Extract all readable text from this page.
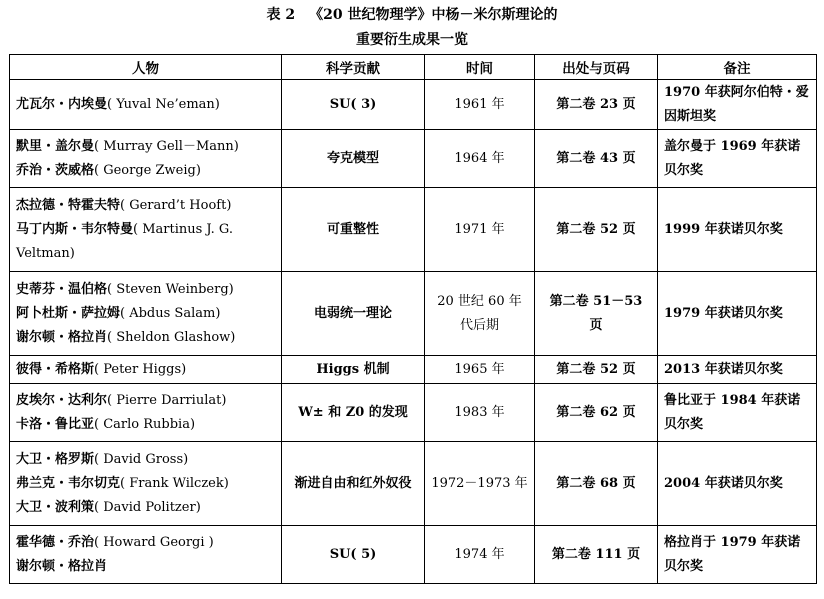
表 2 《20 世纪物理学》中杨－米尔斯理论的
重要衍生成果一览
人物	科学贡献	时间	出处与页码	备注

尤瓦尔・内埃曼( Yuval Ne’eman)	SU( 3)	1961 年	第二卷 23 页	1970 年获阿尔伯特・爱因斯坦奖

默里・盖尔曼( Murray Gell－Mann)
乔治・茨威格( George Zweig)	夸克模型	1964 年	第二卷 43 页	盖尔曼于 1969 年获诺贝尔奖

杰拉德・特霍夫特( Gerard’t Hooft)
马丁内斯・韦尔特曼( Martinus J. G.
Veltman)	可重整性	1971 年	第二卷 52 页	1999 年获诺贝尔奖

史蒂芬・温伯格( Steven Weinberg)
阿卜杜斯・萨拉姆( Abdus Salam)
谢尔顿・格拉肖( Sheldon Glashow)	电弱统一理论	20 世纪 60 年代后期	第二卷 51－53 页	1979 年获诺贝尔奖

彼得・希格斯( Peter Higgs)	Higgs 机制	1965 年	第二卷 52 页	2013 年获诺贝尔奖

皮埃尔・达利尔( Pierre Darriulat)
卡洛・鲁比亚( Carlo Rubbia)	W± 和 Z0 的发现	1983 年	第二卷 62 页	鲁比亚于 1984 年获诺贝尔奖

大卫・格罗斯( David Gross)
弗兰克・韦尔切克( Frank Wilczek)
大卫・波利策( David Politzer)	渐进自由和红外奴役	1972－1973 年	第二卷 68 页	2004 年获诺贝尔奖

霍华德・乔治( Howard Georgi )
谢尔顿・格拉肖	SU( 5)	1974 年	第二卷 111 页	格拉肖于 1979 年获诺贝尔奖
